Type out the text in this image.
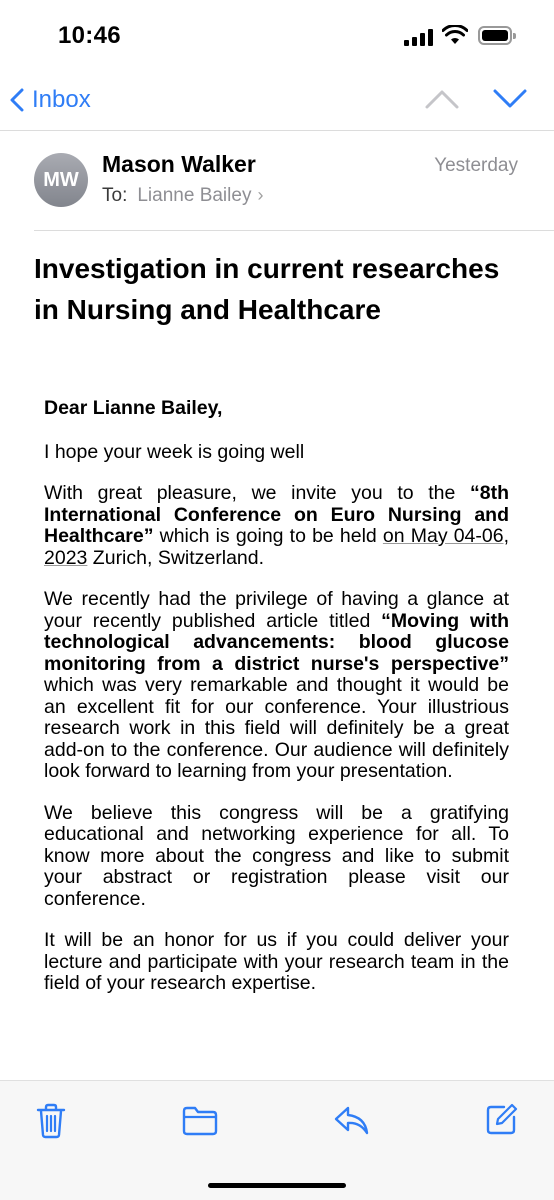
10:46
Inbox
MW
Mason Walker
To: Lianne Bailey ›
Yesterday
Investigation in current researches in Nursing and Healthcare

Dear Lianne Bailey,

I hope your week is going well

With great pleasure, we invite you to the “8th International Conference on Euro Nursing and Healthcare” which is going to be held on May 04-06, 2023 Zurich, Switzerland.

We recently had the privilege of having a glance at your recently published article titled “Moving with technological advancements: blood glucose monitoring from a district nurse's perspective” which was very remarkable and thought it would be an excellent fit for our conference. Your illustrious research work in this field will definitely be a great add-on to the conference. Our audience will definitely look forward to learning from your presentation.

We believe this congress will be a gratifying educational and networking experience for all. To know more about the congress and like to submit your abstract or registration please visit our conference.

It will be an honor for us if you could deliver your lecture and participate with your research team in the field of your research expertise.
